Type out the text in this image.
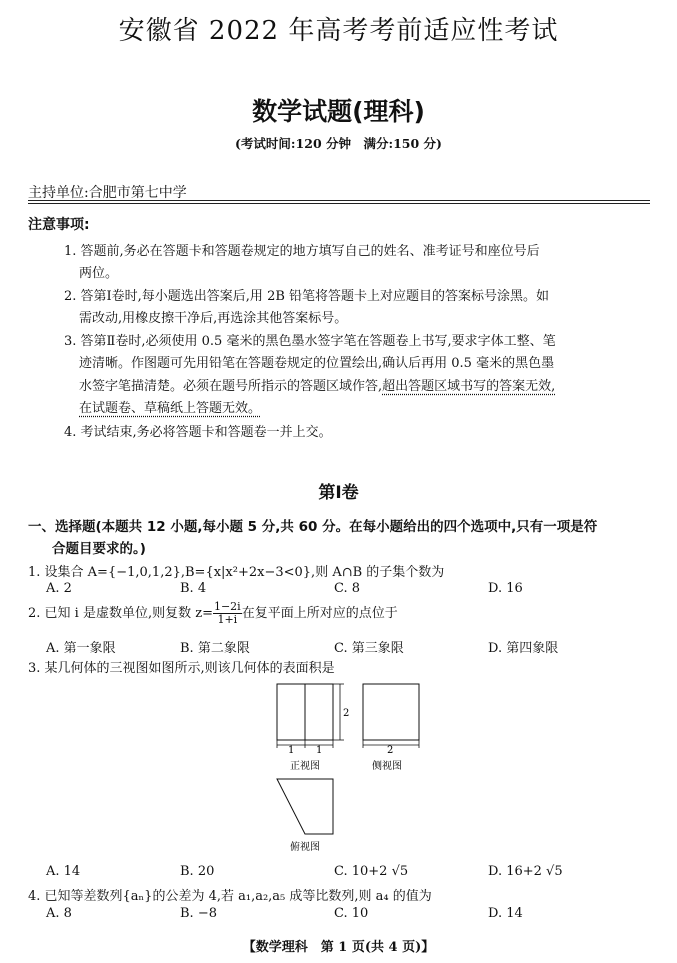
安徽省 2022 年高考考前适应性考试
数学试题(理科)
(考试时间:120 分钟　满分:150 分)
主持单位:合肥市第七中学
注意事项:
1. 答题前,务必在答题卡和答题卷规定的地方填写自己的姓名、准考证号和座位号后
两位。
2. 答第Ⅰ卷时,每小题选出答案后,用 2B 铅笔将答题卡上对应题目的答案标号涂黑。如
需改动,用橡皮擦干净后,再选涂其他答案标号。
3. 答第Ⅱ卷时,必须使用 0.5 毫米的黑色墨水签字笔在答题卷上书写,要求字体工整、笔
迹清晰。作图题可先用铅笔在答题卷规定的位置绘出,确认后再用 0.5 毫米的黑色墨
水签字笔描清楚。必须在题号所指示的答题区域作答,超出答题区域书写的答案无效,
在试题卷、草稿纸上答题无效。
4. 考试结束,务必将答题卡和答题卷一并上交。
第Ⅰ卷
一、选择题(本题共 12 小题,每小题 5 分,共 60 分。在每小题给出的四个选项中,只有一项是符
合题目要求的。)
1. 设集合 A={−1,0,1,2},B={x|x²+2x−3<0},则 A∩B 的子集个数为
A. 2	B. 4	C. 8	D. 16
2. 已知 i 是虚数单位,则复数 $z= \frac{1-2i}{1+i}$ 在复平面上所对应的点位于
A. 第一象限	B. 第二象限	C. 第三象限	D. 第四象限
3. 某几何体的三视图如图所示,则该几何体的表面积是
1 1
2
正视图
2
侧视图
俯视图
A. 14	B. 20	C. 10+2 √5	D. 16+2 √5
4. 已知等差数列{aₙ}的公差为 4,若 a₁,a₂,a₅ 成等比数列,则 a₄ 的值为
A. 8	B. −8	C. 10	D. 14
【数学理科　第 1 页(共 4 页)】
